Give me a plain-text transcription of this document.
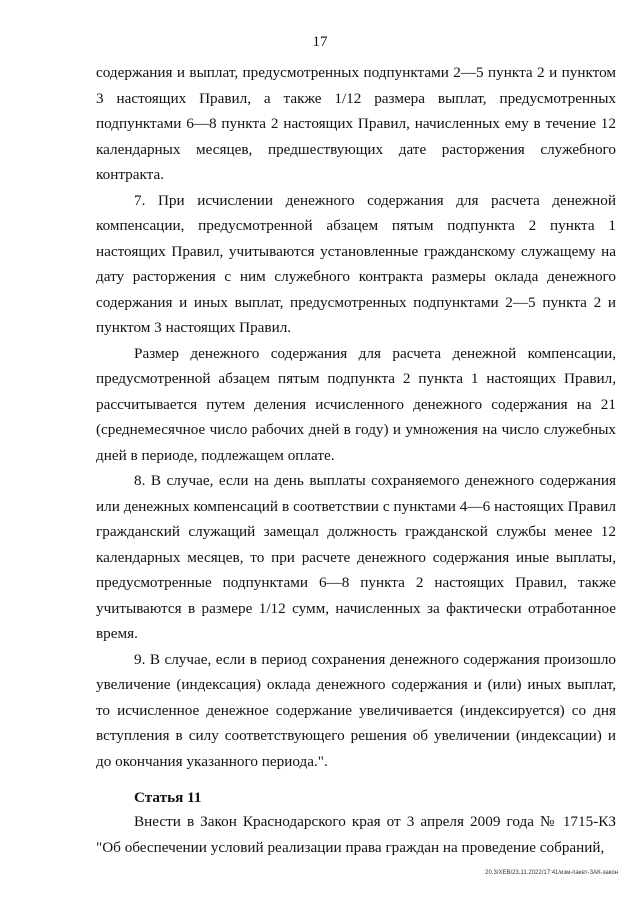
17

содержания и выплат, предусмотренных подпунктами 2—5 пункта 2 и пунктом 3 настоящих Правил, а также 1/12 размера выплат, предусмотренных подпунктами 6—8 пункта 2 настоящих Правил, начисленных ему в течение 12 календарных месяцев, предшествующих дате расторжения служебного контракта.

7. При исчислении денежного содержания для расчета денежной компенсации, предусмотренной абзацем пятым подпункта 2 пункта 1 настоящих Правил, учитываются установленные гражданскому служащему на дату расторжения с ним служебного контракта размеры оклада денежного содержания и иных выплат, предусмотренных подпунктами 2—5 пункта 2 и пунктом 3 настоящих Правил.

Размер денежного содержания для расчета денежной компенсации, предусмотренной абзацем пятым подпункта 2 пункта 1 настоящих Правил, рассчитывается путем деления исчисленного денежного содержания на 21 (среднемесячное число рабочих дней в году) и умножения на число служебных дней в периоде, подлежащем оплате.

8. В случае, если на день выплаты сохраняемого денежного содержания или денежных компенсаций в соответствии с пунктами 4—6 настоящих Правил гражданский служащий замещал должность гражданской службы менее 12 календарных месяцев, то при расчете денежного содержания иные выплаты, предусмотренные подпунктами 6—8 пункта 2 настоящих Правил, также учитываются в размере 1/12 сумм, начисленных за фактически отработанное время.

9. В случае, если в период сохранения денежного содержания произошло увеличение (индексация) оклада денежного содержания и (или) иных выплат, то исчисленное денежное содержание увеличивается (индексируется) со дня вступления в силу соответствующего решения об увеличении (индексации) и до окончания указанного периода.".

Статья 11

Внести в Закон Краснодарского края от 3 апреля 2009 года № 1715-КЗ "Об обеспечении условий реализации права граждан на проведение собраний,

20.3/ХЕВ/23.11.2022/17:41/изм-пакет-ЗАК-закон
